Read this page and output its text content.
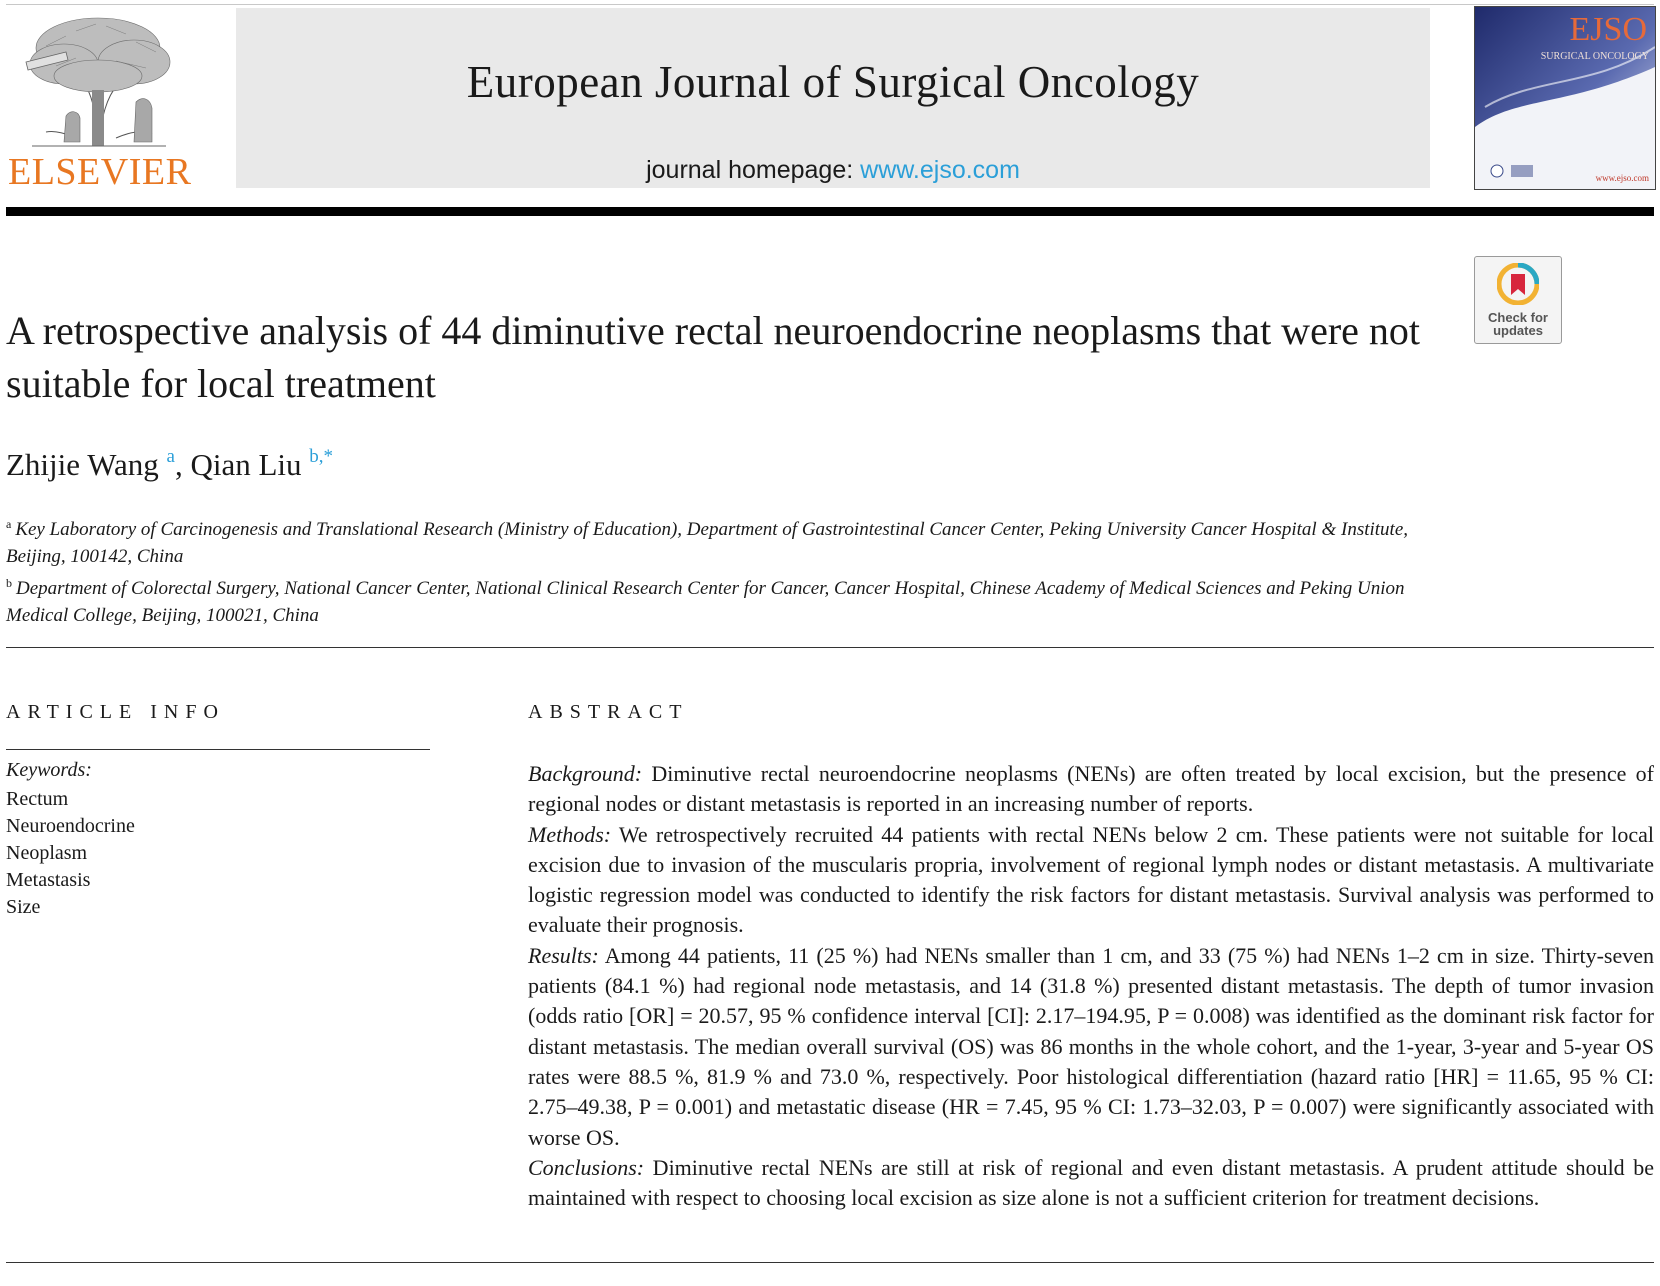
ELSEVIER
European Journal of Surgical Oncology
journal homepage: www.ejso.com
EJSO
SURGICAL ONCOLOGY
www.ejso.com
Check for
updates
A retrospective analysis of 44 diminutive rectal neuroendocrine neoplasms that were not suitable for local treatment
Zhijie Wang $^a$, Qian Liu $^{b,*}$
$^a$ Key Laboratory of Carcinogenesis and Translational Research (Ministry of Education), Department of Gastrointestinal Cancer Center, Peking University Cancer Hospital & Institute, Beijing, 100142, China
$^b$ Department of Colorectal Surgery, National Cancer Center, National Clinical Research Center for Cancer, Cancer Hospital, Chinese Academy of Medical Sciences and Peking Union Medical College, Beijing, 100021, China
ARTICLE INFO
Keywords:
Rectum
Neuroendocrine
Neoplasm
Metastasis
Size
ABSTRACT

Background: Diminutive rectal neuroendocrine neoplasms (NENs) are often treated by local excision, but the presence of regional nodes or distant metastasis is reported in an increasing number of reports.

Methods: We retrospectively recruited 44 patients with rectal NENs below 2 cm. These patients were not suitable for local excision due to invasion of the muscularis propria, involvement of regional lymph nodes or distant metastasis. A multivariate logistic regression model was conducted to identify the risk factors for distant metastasis. Survival analysis was performed to evaluate their prognosis.

Results: Among 44 patients, 11 (25 %) had NENs smaller than 1 cm, and 33 (75 %) had NENs 1–2 cm in size. Thirty-seven patients (84.1 %) had regional node metastasis, and 14 (31.8 %) presented distant metastasis. The depth of tumor invasion (odds ratio [OR] = 20.57, 95 % confidence interval [CI]: 2.17–194.95, P = 0.008) was identified as the dominant risk factor for distant metastasis. The median overall survival (OS) was 86 months in the whole cohort, and the 1-year, 3-year and 5-year OS rates were 88.5 %, 81.9 % and 73.0 %, respectively. Poor histological differentiation (hazard ratio [HR] = 11.65, 95 % CI: 2.75–49.38, P = 0.001) and metastatic disease (HR = 7.45, 95 % CI: 1.73–32.03, P = 0.007) were significantly associated with worse OS.

Conclusions: Diminutive rectal NENs are still at risk of regional and even distant metastasis. A prudent attitude should be maintained with respect to choosing local excision as size alone is not a sufficient criterion for treatment decisions.
